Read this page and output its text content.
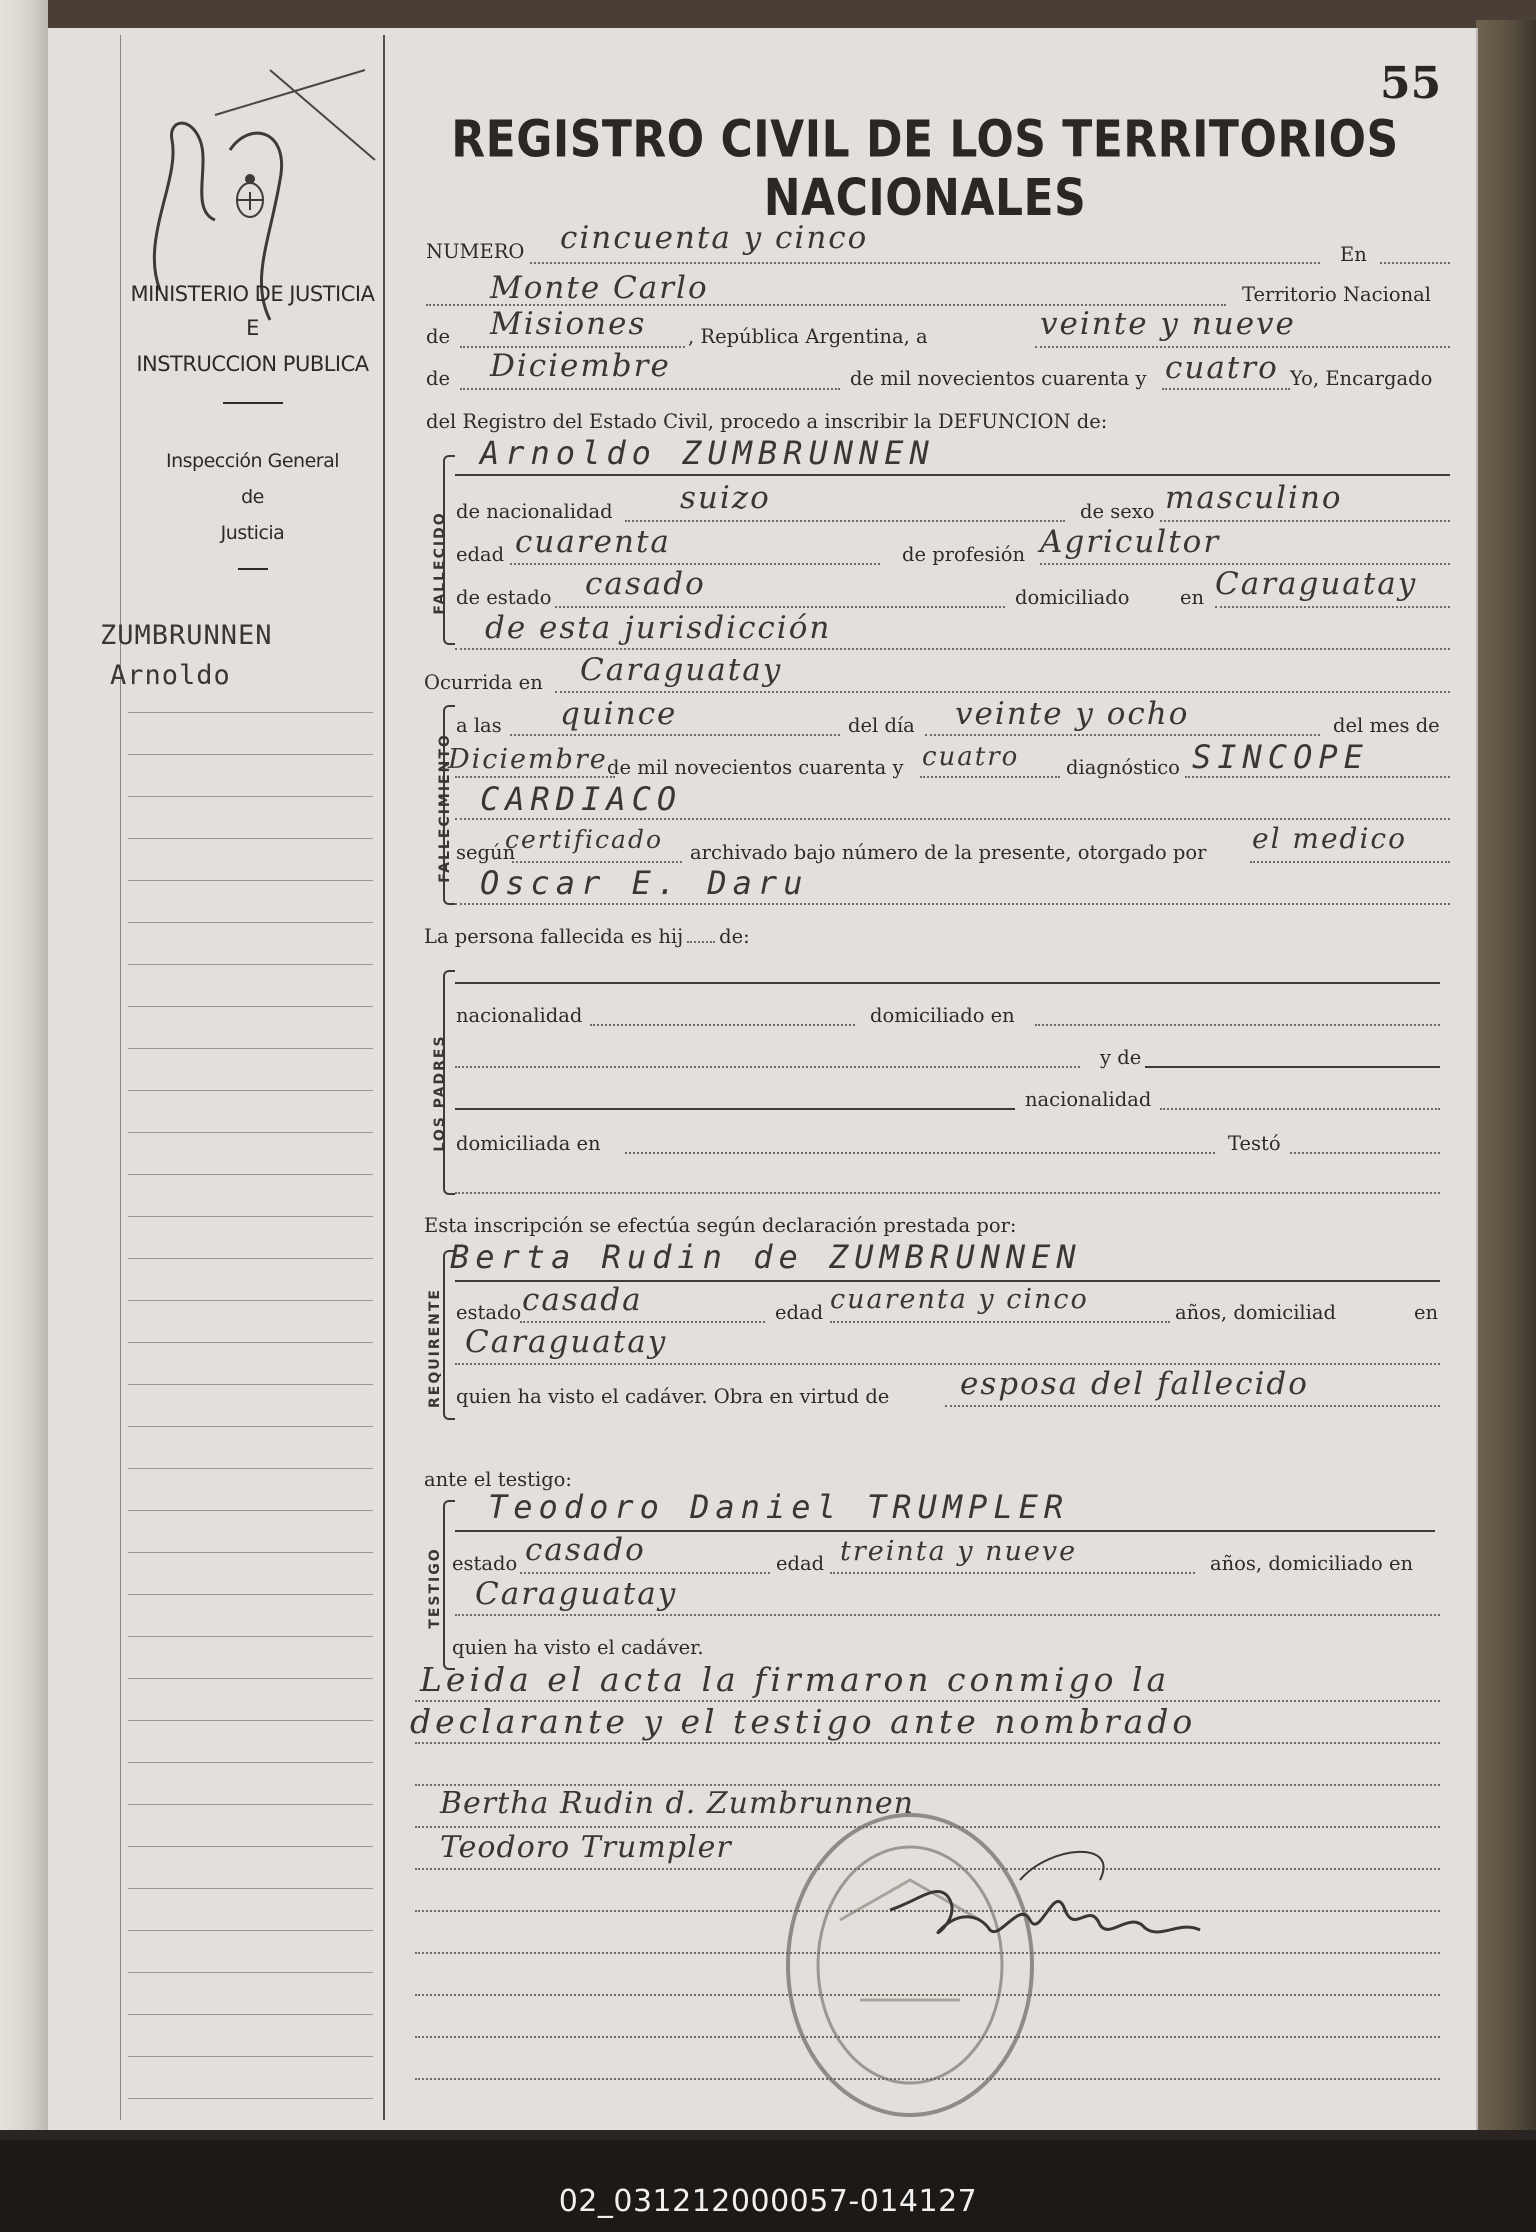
55
REGISTRO CIVIL DE LOS TERRITORIOS NACIONALES
MINISTERIO DE JUSTICIA
E
INSTRUCCION PUBLICA
Inspección General
de
Justicia
ZUMBRUNNEN
Arnoldo
NUMERO cincuenta y cinco	En
Monte Carlo	Territorio Nacional
de Misiones , República Argentina, a	veinte y nueve
de Diciembre	de mil novecientos cuarenta y cuatro Yo, Encargado
del Registro del Estado Civil, procedo a inscribir la DEFUNCION de:
FALLECIDO
Arnoldo ZUMBRUNNEN
de nacionalidad suizo	de sexo masculino
edad cuarenta	de profesión Agricultor
de estado casado	domiciliado	en Caraguatay
de esta jurisdicción
Ocurrida en Caraguatay
FALLECIMIENTO
a las quince	del día veinte y ocho	del mes de
Diciembre de mil novecientos cuarenta y cuatro diagnóstico SINCOPE
CARDIACO
según
certificado archivado bajo número de la presente, otorgado por el medico
Oscar E. Daru
La persona fallecida es hij de:
LOS PADRES
nacionalidad	domiciliado en
y de
nacionalidad
domiciliada en	Testó
Esta inscripción se efectúa según declaración prestada por:
REQUIRENTE
Berta Rudin de ZUMBRUNNEN
estado casada	edad cuarenta y cinco	años, domiciliad	en
Caraguatay
quien ha visto el cadáver. Obra en virtud de esposa del fallecido
ante el testigo:
TESTIGO
Teodoro Daniel TRUMPLER
estado casado	edad treinta y nueve	años, domiciliado en
Caraguatay
quien ha visto el cadáver.
Leida el acta la firmaron conmigo la
declarante y el testigo ante nombrado
Bertha Rudin d. Zumbrunnen
Teodoro Trumpler
02_031212000057-014127
